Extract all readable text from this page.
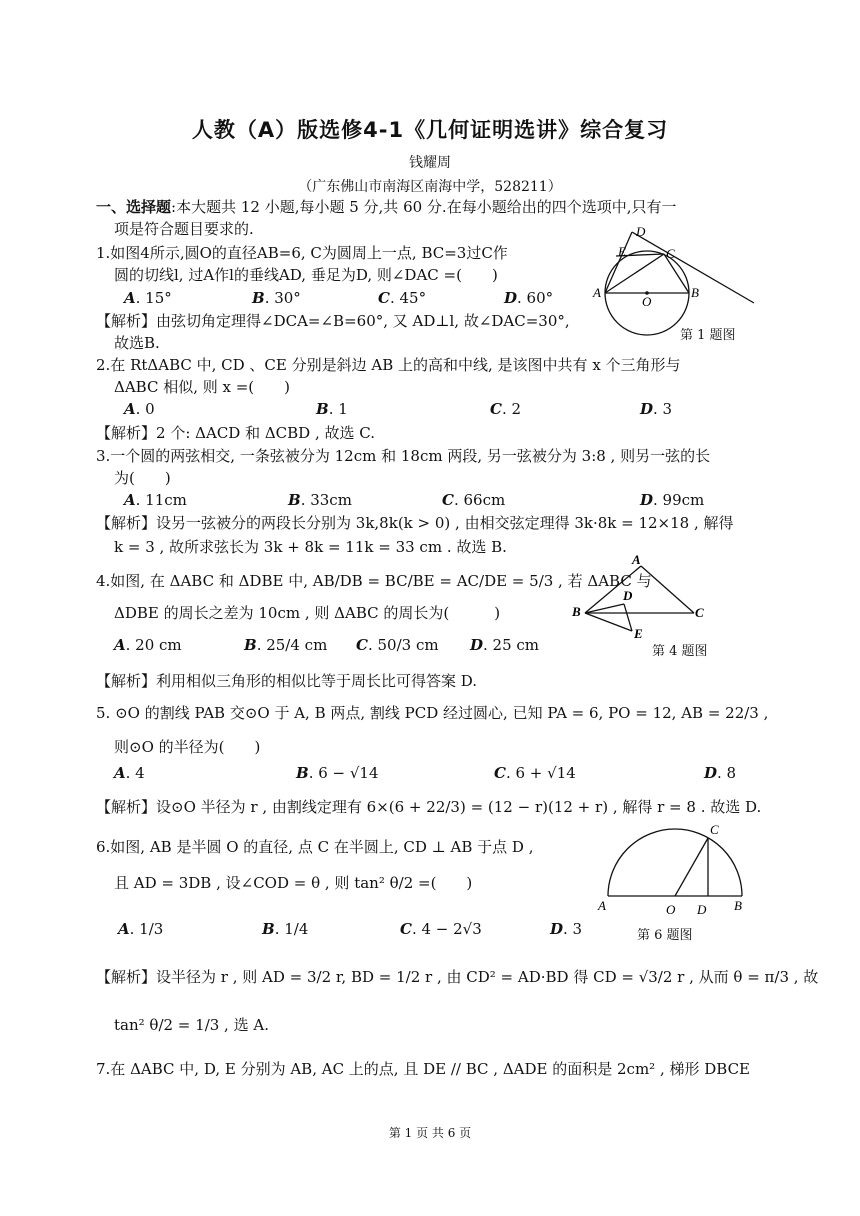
人教（A）版选修4-1《几何证明选讲》综合复习
钱耀周
（广东佛山市南海区南海中学，528211）
一、选择题:本大题共 12 小题,每小题 5 分,共 60 分.在每小题给出的四个选项中,只有一
项是符合题目要求的.
1.如图4所示,圆O的直径AB=6, C为圆周上一点, BC=3过C作
圆的切线l, 过A作l的垂线AD, 垂足为D, 则∠DAC =(　　)
A. 15°	B. 30°	C. 45°	D. 60°
【解析】由弦切角定理得∠DCA=∠B=60°, 又 AD⊥l, 故∠DAC=30°,
故选B.
D
E	C
A
O
B
第 1 题图
2.在 RtΔABC 中, CD 、CE 分别是斜边 AB 上的高和中线, 是该图中共有 x 个三角形与
ΔABC 相似, 则 x =(　　)
A. 0	B. 1	C. 2	D. 3
【解析】2 个: ΔACD 和 ΔCBD , 故选 C.
3.一个圆的两弦相交, 一条弦被分为 12cm 和 18cm 两段, 另一弦被分为 3:8 , 则另一弦的长
为(　　)
A. 11cm	B. 33cm	C. 66cm	D. 99cm
【解析】设另一弦被分的两段长分别为 3k,8k(k > 0) , 由相交弦定理得 3k·8k = 12×18 , 解得
k = 3 , 故所求弦长为 3k + 8k = 11k = 33 cm . 故选 B.
4.如图, 在 ΔABC 和 ΔDBE 中, AB/DB = BC/BE = AC/DE = 5/3 , 若 ΔABC 与
ΔDBE 的周长之差为 10cm , 则 ΔABC 的周长为(　　　)
A. 20 cm	B. 25/4 cm C. 50/3 cm D. 25 cm
【解析】利用相似三角形的相似比等于周长比可得答案 D.
A
B	C
D
E
第 4 题图
5. ⊙O 的割线 PAB 交⊙O 于 A, B 两点, 割线 PCD 经过圆心, 已知 PA = 6, PO = 12, AB = 22/3 ,
则⊙O 的半径为(　　)
A. 4	B. 6 − √14	C. 6 + √14	D. 8
【解析】设⊙O 半径为 r , 由割线定理有 6×(6 + 22/3) = (12 − r)(12 + r) , 解得 r = 8 . 故选 D.
6.如图, AB 是半圆 O 的直径, 点 C 在半圆上, CD ⊥ AB 于点 D ,
且 AD = 3DB , 设∠COD = θ , 则 tan² θ/2 =(　　)
A. 1/3	B. 1/4	C. 4 − 2√3	D. 3
【解析】设半径为 r , 则 AD = 3/2 r, BD = 1/2 r , 由 CD² = AD·BD 得 CD = √3/2 r , 从而 θ = π/3 , 故
tan² θ/2 = 1/3 , 选 A.
C
A	O D B
第 6 题图
7.在 ΔABC 中, D, E 分别为 AB, AC 上的点, 且 DE // BC , ΔADE 的面积是 2cm² , 梯形 DBCE
第 1 页 共 6 页
